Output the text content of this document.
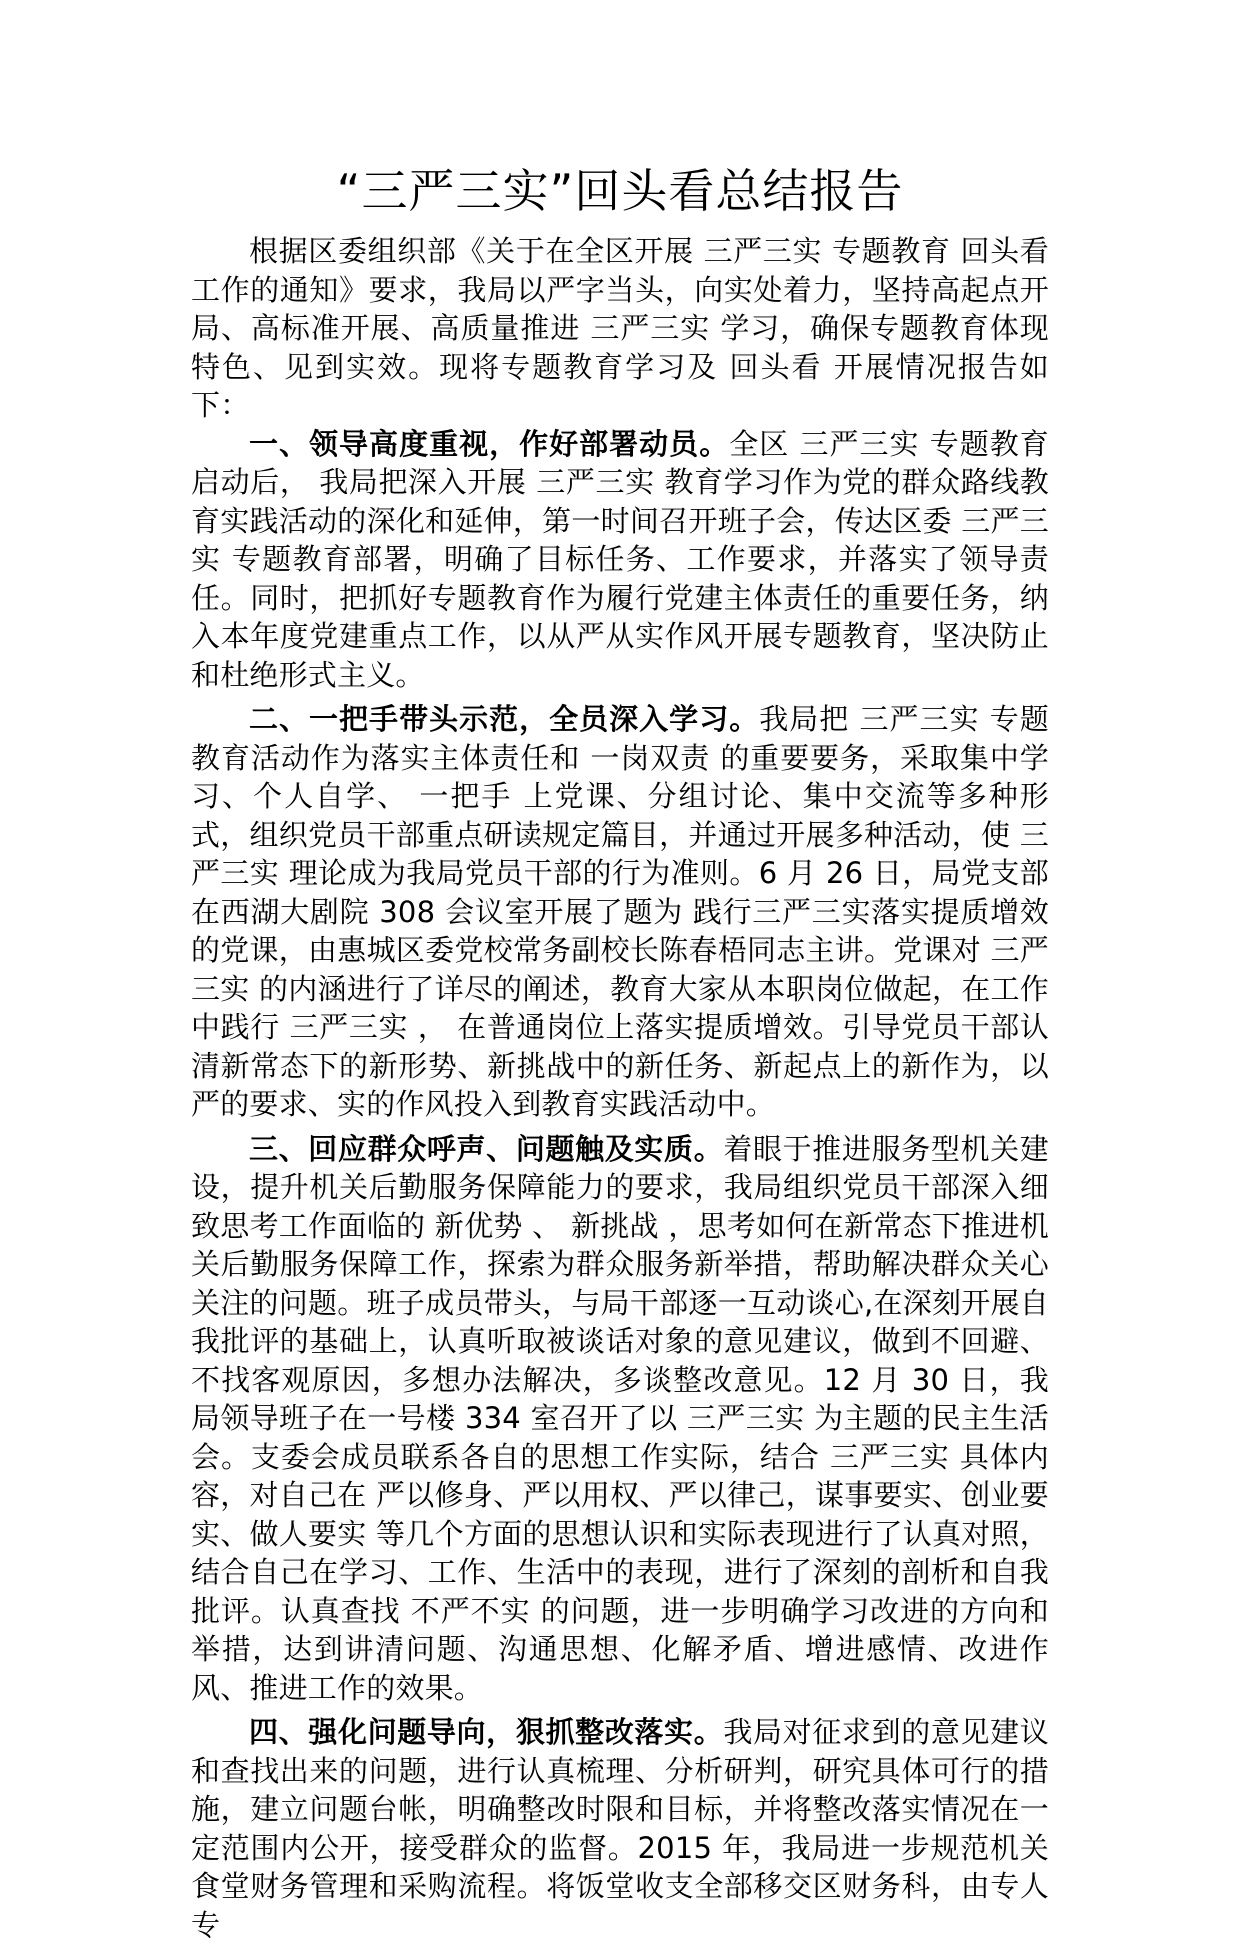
“三严三实”回头看总结报告

根据区委组织部《关于在全区开展 三严三实 专题教育 回头看 工作的通知》要求，我局以严字当头，向实处着力，坚持高起点开局、高标准开展、高质量推进 三严三实 学习，确保专题教育体现特色、见到实效。现将专题教育学习及 回头看 开展情况报告如下：

一、领导高度重视，作好部署动员。全区 三严三实 专题教育启动后， 我局把深入开展 三严三实 教育学习作为党的群众路线教育实践活动的深化和延伸，第一时间召开班子会，传达区委 三严三实 专题教育部署，明确了目标任务、工作要求，并落实了领导责任。同时，把抓好专题教育作为履行党建主体责任的重要任务，纳入本年度党建重点工作，以从严从实作风开展专题教育，坚决防止和杜绝形式主义。

二、一把手带头示范，全员深入学习。我局把 三严三实 专题教育活动作为落实主体责任和 一岗双责 的重要要务，采取集中学习、个人自学、 一把手 上党课、分组讨论、集中交流等多种形式，组织党员干部重点研读规定篇目，并通过开展多种活动，使 三严三实 理论成为我局党员干部的行为准则。6 月 26 日，局党支部在西湖大剧院 308 会议室开展了题为 践行三严三实落实提质增效 的党课，由惠城区委党校常务副校长陈春梧同志主讲。党课对 三严三实 的内涵进行了详尽的阐述，教育大家从本职岗位做起，在工作中践行 三严三实 ， 在普通岗位上落实提质增效。引导党员干部认清新常态下的新形势、新挑战中的新任务、新起点上的新作为，以严的要求、实的作风投入到教育实践活动中。

三、回应群众呼声、问题触及实质。着眼于推进服务型机关建设，提升机关后勤服务保障能力的要求，我局组织党员干部深入细致思考工作面临的 新优势 、 新挑战 ，思考如何在新常态下推进机关后勤服务保障工作，探索为群众服务新举措，帮助解决群众关心关注的问题。班子成员带头，与局干部逐一互动谈心,在深刻开展自我批评的基础上，认真听取被谈话对象的意见建议，做到不回避、不找客观原因，多想办法解决，多谈整改意见。12 月 30 日，我局领导班子在一号楼 334 室召开了以 三严三实 为主题的民主生活会。支委会成员联系各自的思想工作实际，结合 三严三实 具体内容，对自己在 严以修身、严以用权、严以律己，谋事要实、创业要实、做人要实 等几个方面的思想认识和实际表现进行了认真对照，结合自己在学习、工作、生活中的表现，进行了深刻的剖析和自我批评。认真查找 不严不实 的问题，进一步明确学习改进的方向和举措，达到讲清问题、沟通思想、化解矛盾、增进感情、改进作风、推进工作的效果。

四、强化问题导向，狠抓整改落实。我局对征求到的意见建议和查找出来的问题，进行认真梳理、分析研判，研究具体可行的措施，建立问题台帐，明确整改时限和目标，并将整改落实情况在一定范围内公开，接受群众的监督。2015 年，我局进一步规范机关食堂财务管理和采购流程。将饭堂收支全部移交区财务科，由专人专
